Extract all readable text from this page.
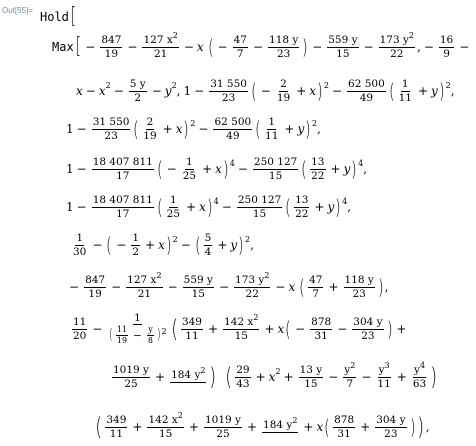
Out[55]= Hold [
Max [ − $\frac{847}{19} - \frac{127 x^2}{21} - x$ ( − $\frac{47}{7} - \frac{118 y}{23}$ ) − $\frac{559 y}{15} - \frac{173 y^2}{22}$ , − $\frac{16}{9}$ −
x − x $2 - \frac{5 y}{2} - y$ 2 , $1 - \frac{31 550}{23}$ ( − $\frac{2}{19} + x$ ) $2 - \frac{62 500}{49}$ ( $\frac{1}{11} + y$ ) 2 ,
$1 - \frac{31 550}{23}$ ( $\frac{2}{19} + x$ ) $2 - \frac{62 500}{49}$ ( $\frac{1}{11} + y$ ) 2 ,
$1 - \frac{18 407 811}{17}$ ( − $\frac{1}{25} + x$ ) $4 - \frac{250 127}{15}$ ( $\frac{13}{22} + y$ ) 4 ,
$1 - \frac{18 407 811}{17}$ ( $\frac{1}{25} + x$ ) $4 - \frac{250 127}{15}$ ( $\frac{13}{22} + y$ ) 4 ,
$\frac{1}{30}$ − ( − $\frac{1}{2} + x$ ) 2 − ( $\frac{5}{4} + y$ ) 2 ,
− $\frac{847}{19} - \frac{127 x^2}{21} - \frac{559 y}{15} - \frac{173 y^2}{22} - x$ ( $\frac{47}{7} + \frac{118 y}{23}$ ) ,
$\frac{11}{20} - \frac{1}{( \frac{11}{19} - \frac{y}{8} )^2}$ ( $\frac{349}{11} + \frac{142 x^2}{15} + x$ ( − $\frac{878}{31} - \frac{304 y}{23}$ ) +
$\frac{1019 y}{25} + 184$ $y^2$ ) ( $\frac{29}{43} + x$ $2 + \frac{13 y}{15} - \frac{y^2}{7} - \frac{y^3}{11} + \frac{y^4}{63}$ )
( $\frac{349}{11} + \frac{142 x^2}{15} + \frac{1019 y}{25} + 184$ $y^2 + x$ ( $\frac{878}{31} + \frac{304 y}{23}$ ) ) ,
